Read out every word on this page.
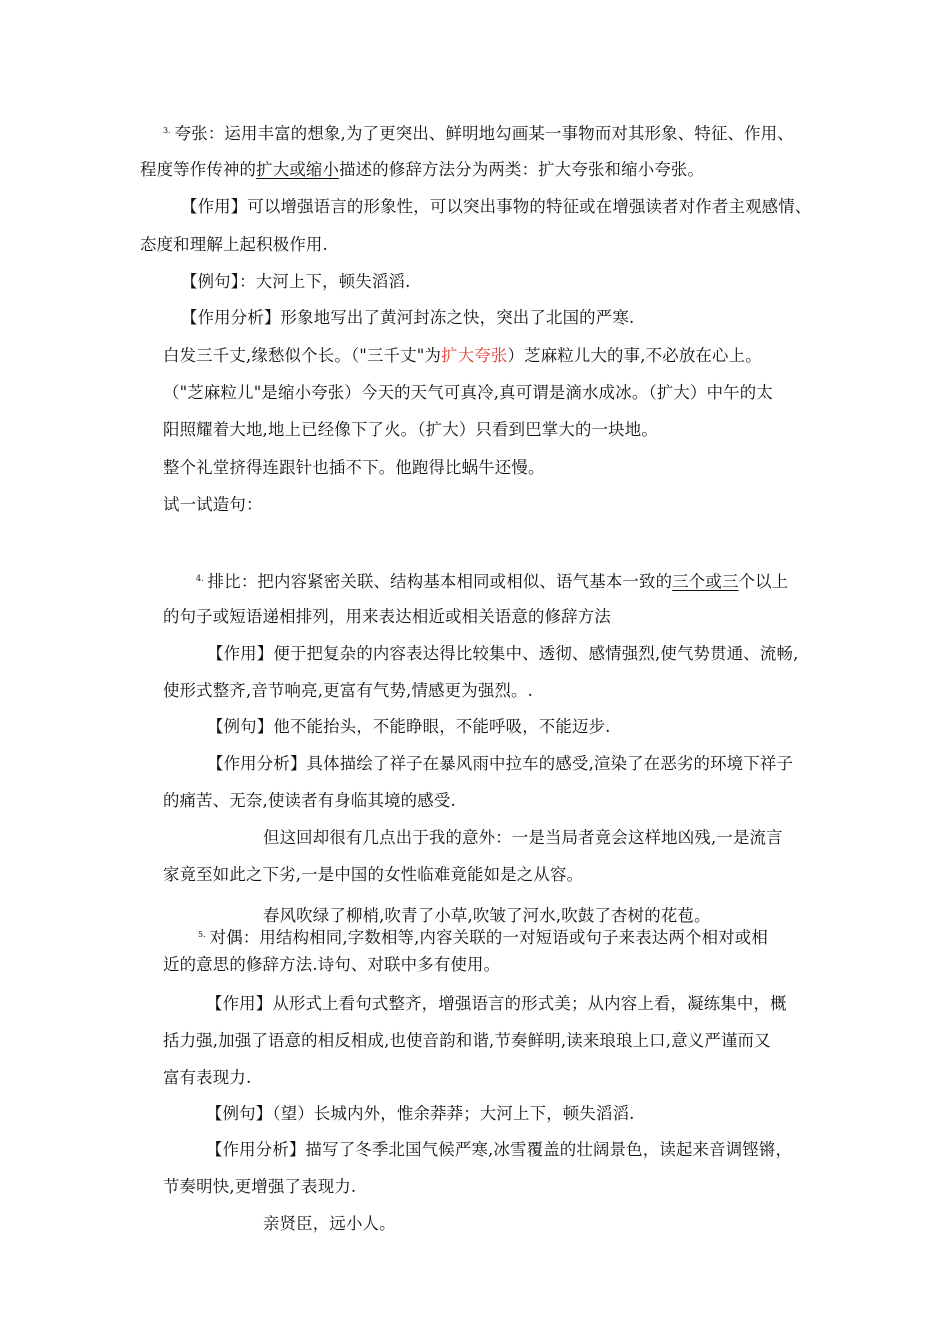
$^{3.}$ 夸张：运用丰富的想象,为了更突出、鲜明地勾画某一事物而对其形象、特征、作用、
程度等作传神的扩大或缩小描述的修辞方法分为两类：扩大夸张和缩小夸张。
【作用】可以增强语言的形象性，可以突出事物的特征或在增强读者对作者主观感情、
态度和理解上起积极作用.
【例句】：大河上下，顿失滔滔.
【作用分析】形象地写出了黄河封冻之快，突出了北国的严寒.
白发三千丈,缘愁似个长。（"三千丈"为扩大夸张）芝麻粒儿大的事,不必放在心上。
（"芝麻粒儿"是缩小夸张）今天的天气可真冷,真可谓是滴水成冰。（扩大）中午的太
阳照耀着大地,地上已经像下了火。（扩大）只看到巴掌大的一块地。
整个礼堂挤得连跟针也插不下。他跑得比蜗牛还慢。
试一试造句：
$^{4.}$ 排比：把内容紧密关联、结构基本相同或相似、语气基本一致的三个或三个以上
的句子或短语递相排列，用来表达相近或相关语意的修辞方法
【作用】便于把复杂的内容表达得比较集中、透彻、感情强烈,使气势贯通、流畅,
使形式整齐,音节响亮,更富有气势,情感更为强烈。.
【例句】他不能抬头，不能睁眼，不能呼吸，不能迈步.
【作用分析】具体描绘了祥子在暴风雨中拉车的感受,渲染了在恶劣的环境下祥子
的痛苦、无奈,使读者有身临其境的感受.
但这回却很有几点出于我的意外：一是当局者竟会这样地凶残,一是流言
家竟至如此之下劣,一是中国的女性临难竟能如是之从容。
春风吹绿了柳梢,吹青了小草,吹皱了河水,吹鼓了杏树的花苞。
$^{5.}$ 对偶：用结构相同,字数相等,内容关联的一对短语或句子来表达两个相对或相
近的意思的修辞方法.诗句、对联中多有使用。
【作用】从形式上看句式整齐，增强语言的形式美；从内容上看，凝练集中，概
括力强,加强了语意的相反相成,也使音韵和谐,节奏鲜明,读来琅琅上口,意义严谨而又
富有表现力.
【例句】（望）长城内外，惟余莽莽；大河上下，顿失滔滔.
【作用分析】描写了冬季北国气候严寒,冰雪覆盖的壮阔景色，读起来音调铿锵，
节奏明快,更增强了表现力.
亲贤臣，远小人。
